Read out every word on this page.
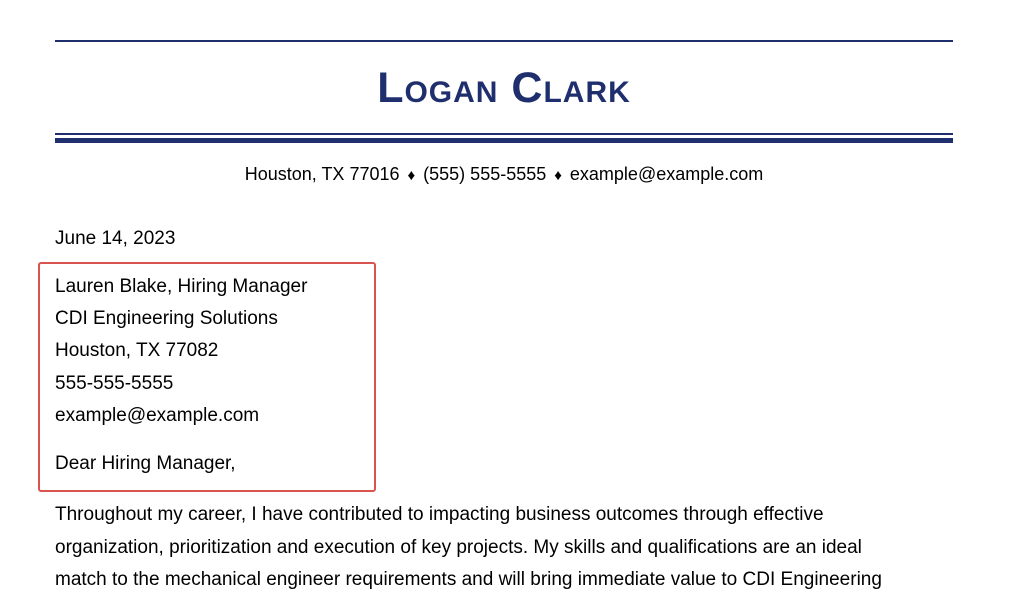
Logan Clark
Houston, TX 77016 ♦ (555) 555-5555 ♦ example@example.com
June 14, 2023
Lauren Blake, Hiring Manager
CDI Engineering Solutions
Houston, TX 77082
555-555-5555
example@example.com
Dear Hiring Manager,
Throughout my career, I have contributed to impacting business outcomes through effective
organization, prioritization and execution of key projects. My skills and qualifications are an ideal
match to the mechanical engineer requirements and will bring immediate value to CDI Engineering
